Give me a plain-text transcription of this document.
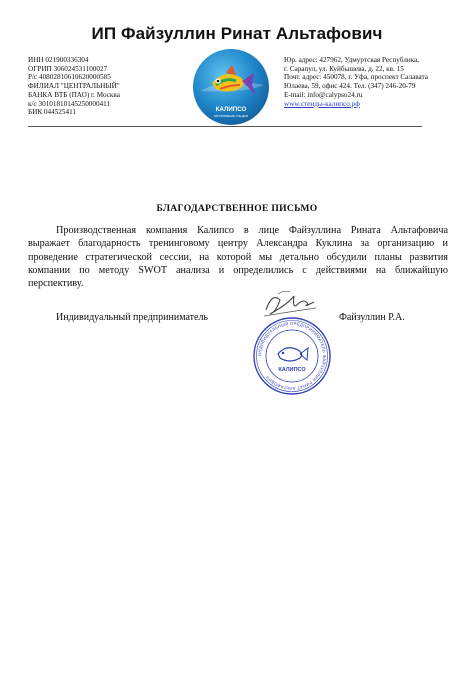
ИП Файзуллин Ринат Альтафович
ИНН 021900336304
ОГРИП 306024531100027
Р/с 40802810610620000585
ФИЛИАЛ "ЦЕНТРАЛЬНЫЙ"
БАНКА ВТБ (ПАО) г. Москва
к/с 30101810145250000411
БИК 044525411	КАЛИПСО
ИЗГОТОВЛЕНИЕ СТЕНДОВ
Юр. адрес: 427962, Удмуртская Республика,
г. Сарапул, ул. Куйбышева, д. 22, кв. 15
Почт. адрес: 450078, г. Уфа, проспект Салавата
Юлаева, 59, офис 424. Тел. (347) 246-20-79
E-mail: info@calypso24.ru
www.стенды-калипсо.рф
БЛАГОДАРСТВЕННОЕ ПИСЬМО
Производственная компания Калипсо в лице Файзуллина Рината Альтафовича
выражает благодарность тренинговому центру Александра Куклина за организацию и
проведение стратегической сессии, на которой мы детально обсудили планы развития
компании по методу SWOT анализа и определились с действиями на ближайшую
перспективу.
Индивидуальный предприниматель	Файзуллин Р.А.
ИНДИВИДУАЛЬНЫЙ ПРЕДПРИНИМАТЕЛЬ ФАЙЗУЛЛИН РИНАТ АЛЬТАФОВИЧ
КАЛИПСО
